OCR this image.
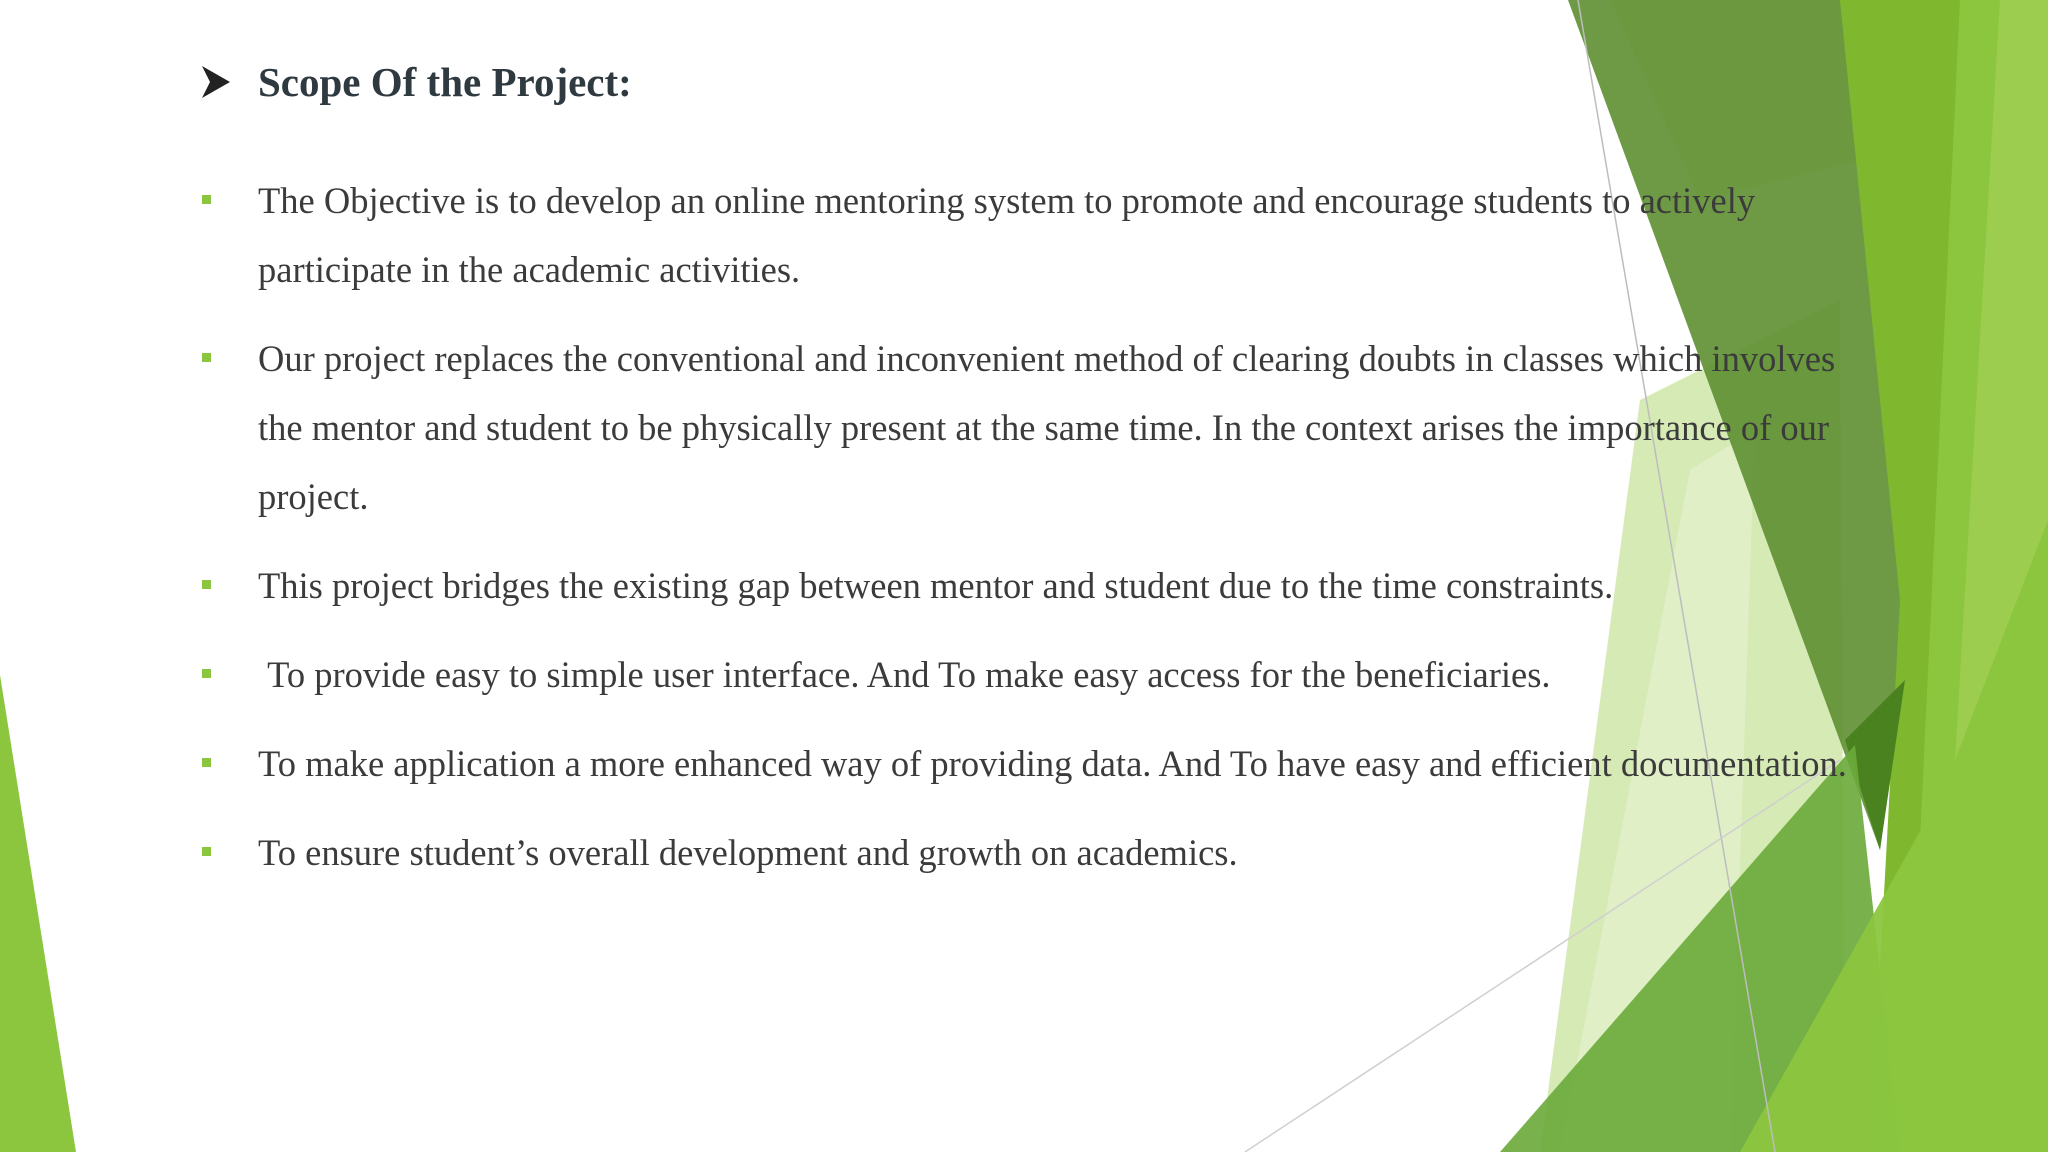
Scope Of the Project:
The Objective is to develop an online mentoring system to promote and encourage students to actively participate in the academic activities.
Our project replaces the conventional and inconvenient method of clearing doubts in classes which involves the mentor and student to be physically present at the same time. In the context arises the importance of our project.
This project bridges the existing gap between mentor and student due to the time constraints.
To provide easy to simple user interface. And To make easy access for the beneficiaries.
To make application a more enhanced way of providing data. And To have easy and efficient documentation.
To ensure student’s overall development and growth on academics.
